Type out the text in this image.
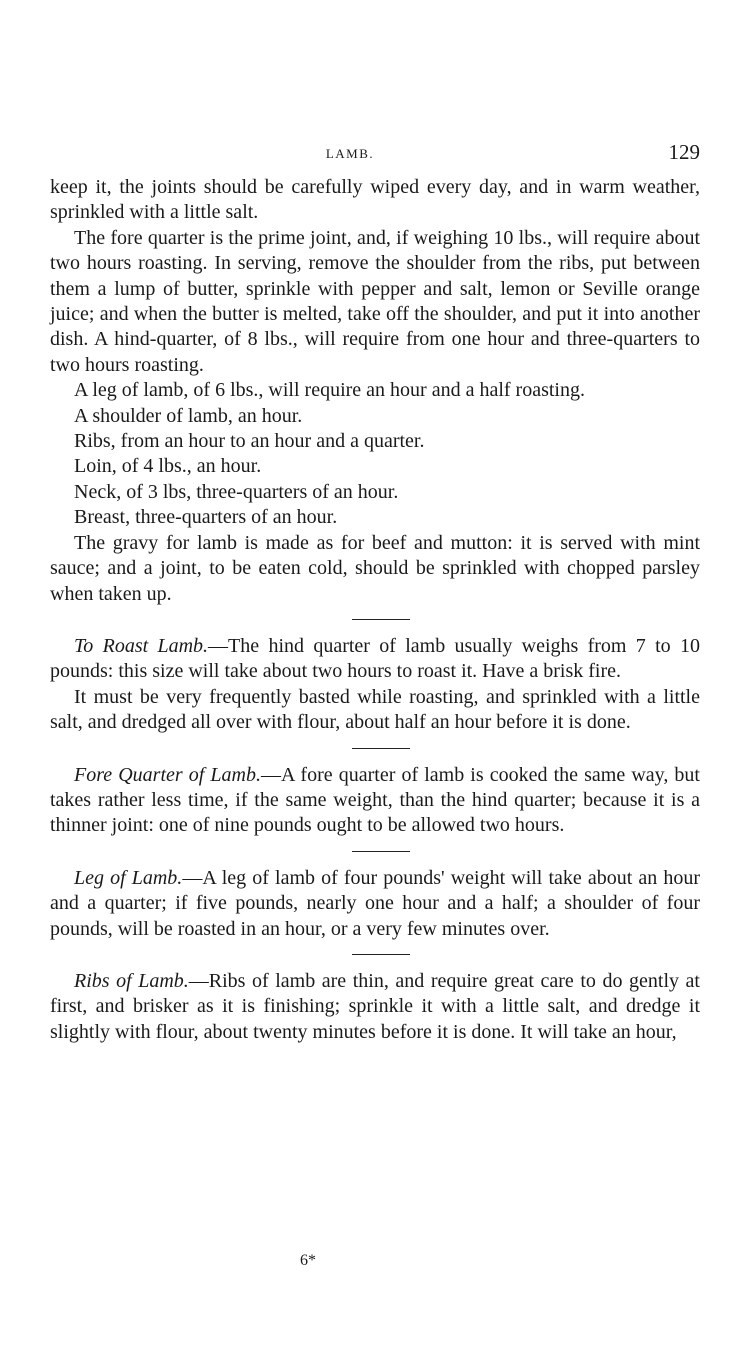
LAMB.	129

keep it, the joints should be carefully wiped every day, and in warm weather, sprinkled with a little salt.

The fore quarter is the prime joint, and, if weighing 10 lbs., will require about two hours roasting. In serving, remove the shoulder from the ribs, put between them a lump of butter, sprinkle with pepper and salt, lemon or Seville orange juice; and when the butter is melted, take off the shoulder, and put it into another dish. A hind-quarter, of 8 lbs., will require from one hour and three-quarters to two hours roasting.

A leg of lamb, of 6 lbs., will require an hour and a half roasting.

A shoulder of lamb, an hour.

Ribs, from an hour to an hour and a quarter.

Loin, of 4 lbs., an hour.

Neck, of 3 lbs, three-quarters of an hour.

Breast, three-quarters of an hour.

The gravy for lamb is made as for beef and mutton: it is served with mint sauce; and a joint, to be eaten cold, should be sprinkled with chopped parsley when taken up.

To Roast Lamb.—The hind quarter of lamb usually weighs from 7 to 10 pounds: this size will take about two hours to roast it. Have a brisk fire.

It must be very frequently basted while roasting, and sprinkled with a little salt, and dredged all over with flour, about half an hour before it is done.

Fore Quarter of Lamb.—A fore quarter of lamb is cooked the same way, but takes rather less time, if the same weight, than the hind quarter; because it is a thinner joint: one of nine pounds ought to be allowed two hours.

Leg of Lamb.—A leg of lamb of four pounds' weight will take about an hour and a quarter; if five pounds, nearly one hour and a half; a shoulder of four pounds, will be roasted in an hour, or a very few minutes over.

Ribs of Lamb.—Ribs of lamb are thin, and require great care to do gently at first, and brisker as it is finishing; sprinkle it with a little salt, and dredge it slightly with flour, about twenty minutes before it is done. It will take an hour,

6*
